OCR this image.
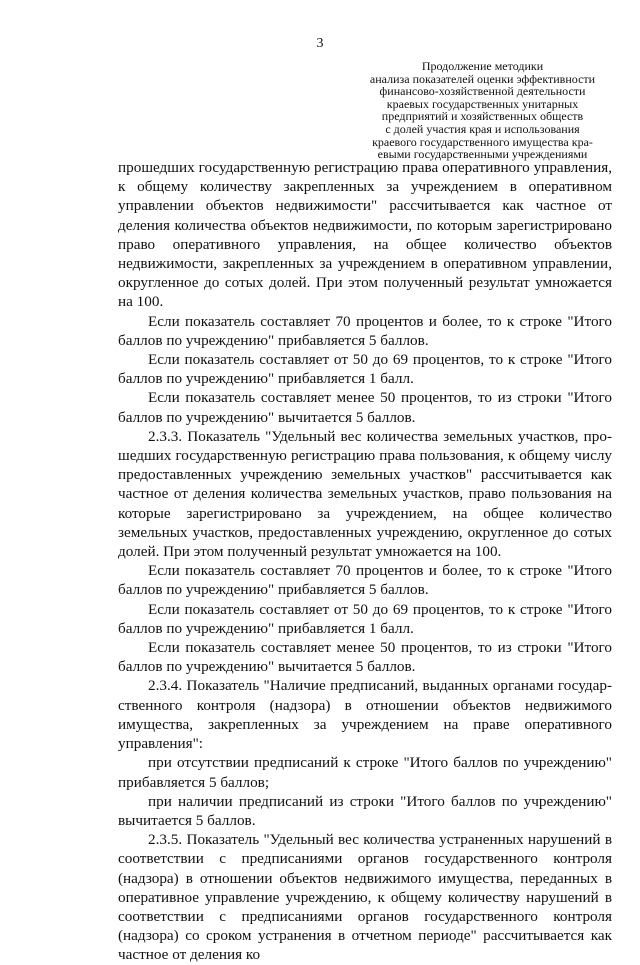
3
Продолжение методики
анализа показателей оценки эффективности
финансово-хозяйственной деятельности
краевых государственных унитарных
предприятий и хозяйственных обществ
с долей участия края и использования
краевого государственного имущества кра-
евыми государственными учреждениями

прошедших государственную регистрацию права оперативного управления, к общему количеству закрепленных за учреждением в оперативном управлении объектов недвижимости" рассчитывается как частное от деления количества объектов недвижимости, по которым зарегистрировано право оперативного управления, на общее количество объектов недвижимости, закрепленных за учреждением в оперативном управлении, округленное до сотых долей. При этом полученный результат умножается на 100.

Если показатель составляет 70 процентов и более, то к строке "Итого баллов по учреждению" прибавляется 5 баллов.

Если показатель составляет от 50 до 69 процентов, то к строке "Итого баллов по учреждению" прибавляется 1 балл.

Если показатель составляет менее 50 процентов, то из строки "Итого баллов по учреждению" вычитается 5 баллов.

2.3.3. Показатель "Удельный вес количества земельных участков, прошедших государственную регистрацию права пользования, к общему числу предоставленных учреждению земельных участков" рассчитывается как частное от деления количества земельных участков, право пользования на которые зарегистрировано за учреждением, на общее количество земельных участков, предоставленных учреждению, округленное до сотых долей. При этом полученный результат умножается на 100.

Если показатель составляет 70 процентов и более, то к строке "Итого баллов по учреждению" прибавляется 5 баллов.

Если показатель составляет от 50 до 69 процентов, то к строке "Итого баллов по учреждению" прибавляется 1 балл.

Если показатель составляет менее 50 процентов, то из строки "Итого баллов по учреждению" вычитается 5 баллов.

2.3.4. Показатель "Наличие предписаний, выданных органами государственного контроля (надзора) в отношении объектов недвижимого имущества, закрепленных за учреждением на праве оперативного управления":

при отсутствии предписаний к строке "Итого баллов по учреждению" прибавляется 5 баллов;

при наличии предписаний из строки "Итого баллов по учреждению" вычитается 5 баллов.

2.3.5. Показатель "Удельный вес количества устраненных нарушений в соответствии с предписаниями органов государственного контроля (надзора) в отношении объектов недвижимого имущества, переданных в оперативное управление учреждению, к общему количеству нарушений в соответствии с предписаниями органов государственного контроля (надзора) со сроком устранения в отчетном периоде" рассчитывается как частное от деления ко
